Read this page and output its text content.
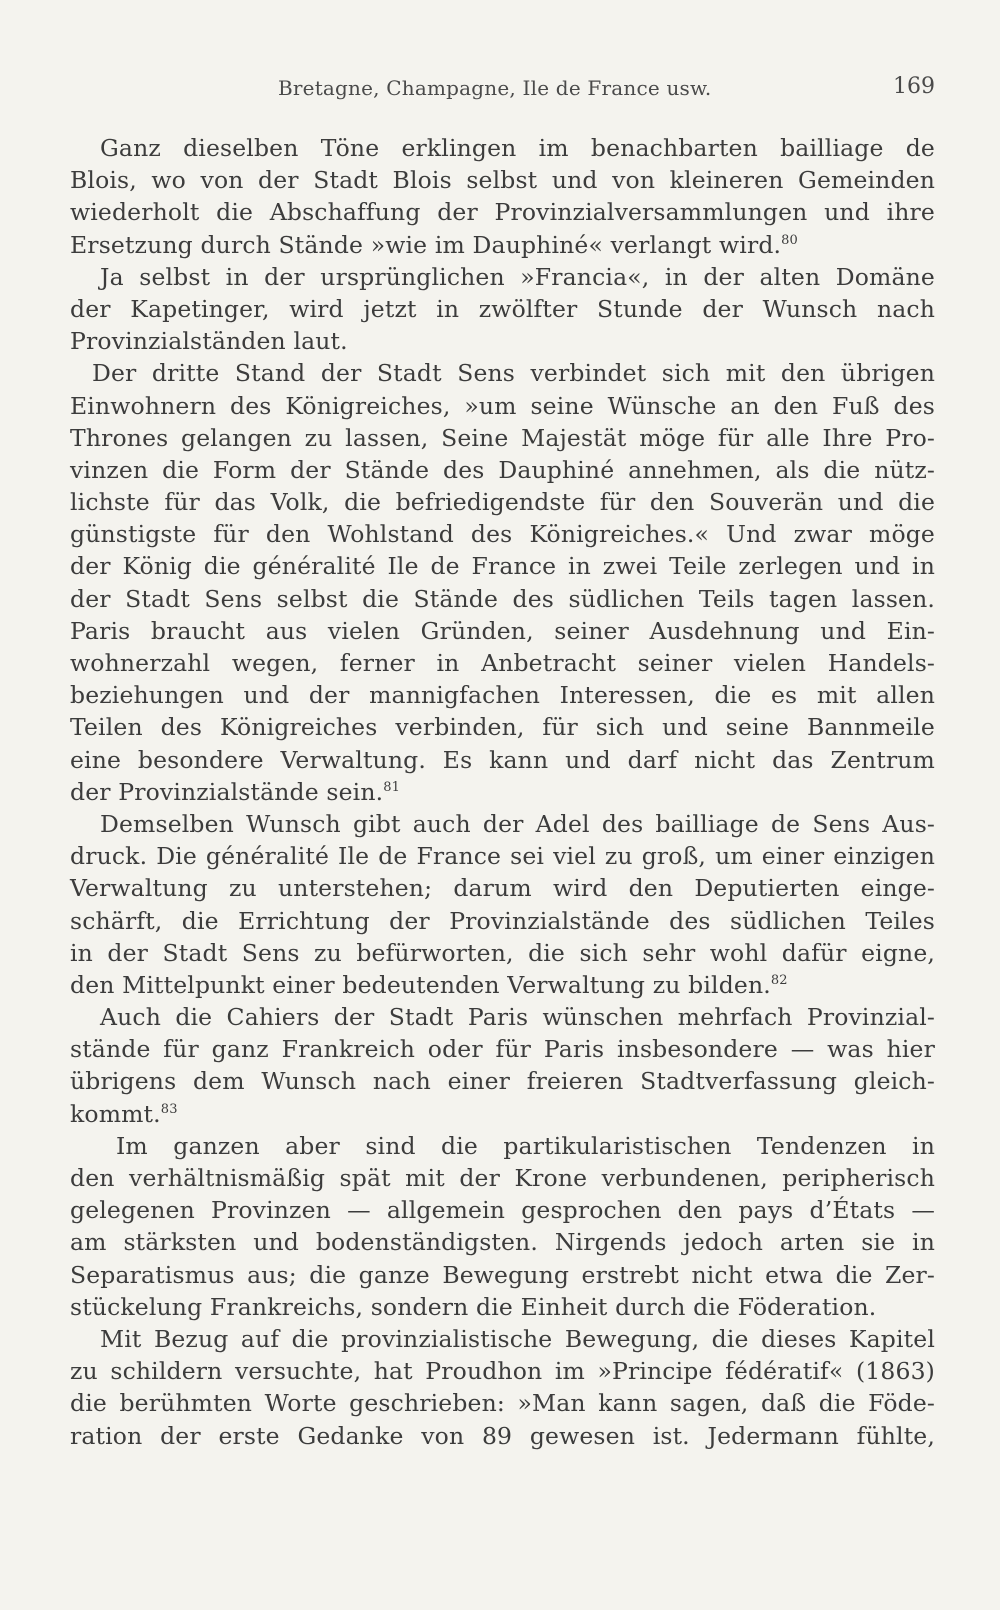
Bretagne, Champagne, Ile de France usw.	169
Ganz dieselben Töne erklingen im benachbarten bailliage de
Blois, wo von der Stadt Blois selbst und von kleineren Gemeinden
wiederholt die Abschaffung der Provinzialversammlungen und ihre
Ersetzung durch Stände »wie im Dauphiné« verlangt wird.$^{80}$
Ja selbst in der ursprünglichen »Francia«, in der alten Domäne
der Kapetinger, wird jetzt in zwölfter Stunde der Wunsch nach
Provinzialständen laut.
Der dritte Stand der Stadt Sens verbindet sich mit den übrigen
Einwohnern des Königreiches, »um seine Wünsche an den Fuß des
Thrones gelangen zu lassen, Seine Majestät möge für alle Ihre Pro-
vinzen die Form der Stände des Dauphiné annehmen, als die nütz-
lichste für das Volk, die befriedigendste für den Souverän und die
günstigste für den Wohlstand des Königreiches.« Und zwar möge
der König die généralité Ile de France in zwei Teile zerlegen und in
der Stadt Sens selbst die Stände des südlichen Teils tagen lassen.
Paris braucht aus vielen Gründen, seiner Ausdehnung und Ein-
wohnerzahl wegen, ferner in Anbetracht seiner vielen Handels-
beziehungen und der mannigfachen Interessen, die es mit allen
Teilen des Königreiches verbinden, für sich und seine Bannmeile
eine besondere Verwaltung. Es kann und darf nicht das Zentrum
der Provinzialstände sein.$^{81}$
Demselben Wunsch gibt auch der Adel des bailliage de Sens Aus-
druck. Die généralité Ile de France sei viel zu groß, um einer einzigen
Verwaltung zu unterstehen; darum wird den Deputierten einge-
schärft, die Errichtung der Provinzialstände des südlichen Teiles
in der Stadt Sens zu befürworten, die sich sehr wohl dafür eigne,
den Mittelpunkt einer bedeutenden Verwaltung zu bilden.$^{82}$
Auch die Cahiers der Stadt Paris wünschen mehrfach Provinzial-
stände für ganz Frankreich oder für Paris insbesondere — was hier
übrigens dem Wunsch nach einer freieren Stadtverfassung gleich-
kommt.$^{83}$
Im ganzen aber sind die partikularistischen Tendenzen in
den verhältnismäßig spät mit der Krone verbundenen, peripherisch
gelegenen Provinzen — allgemein gesprochen den pays d’États —
am stärksten und bodenständigsten. Nirgends jedoch arten sie in
Separatismus aus; die ganze Bewegung erstrebt nicht etwa die Zer-
stückelung Frankreichs, sondern die Einheit durch die Föderation.
Mit Bezug auf die provinzialistische Bewegung, die dieses Kapitel
zu schildern versuchte, hat Proudhon im »Principe fédératif« (1863)
die berühmten Worte geschrieben: »Man kann sagen, daß die Föde-
ration der erste Gedanke von 89 gewesen ist. Jedermann fühlte,
